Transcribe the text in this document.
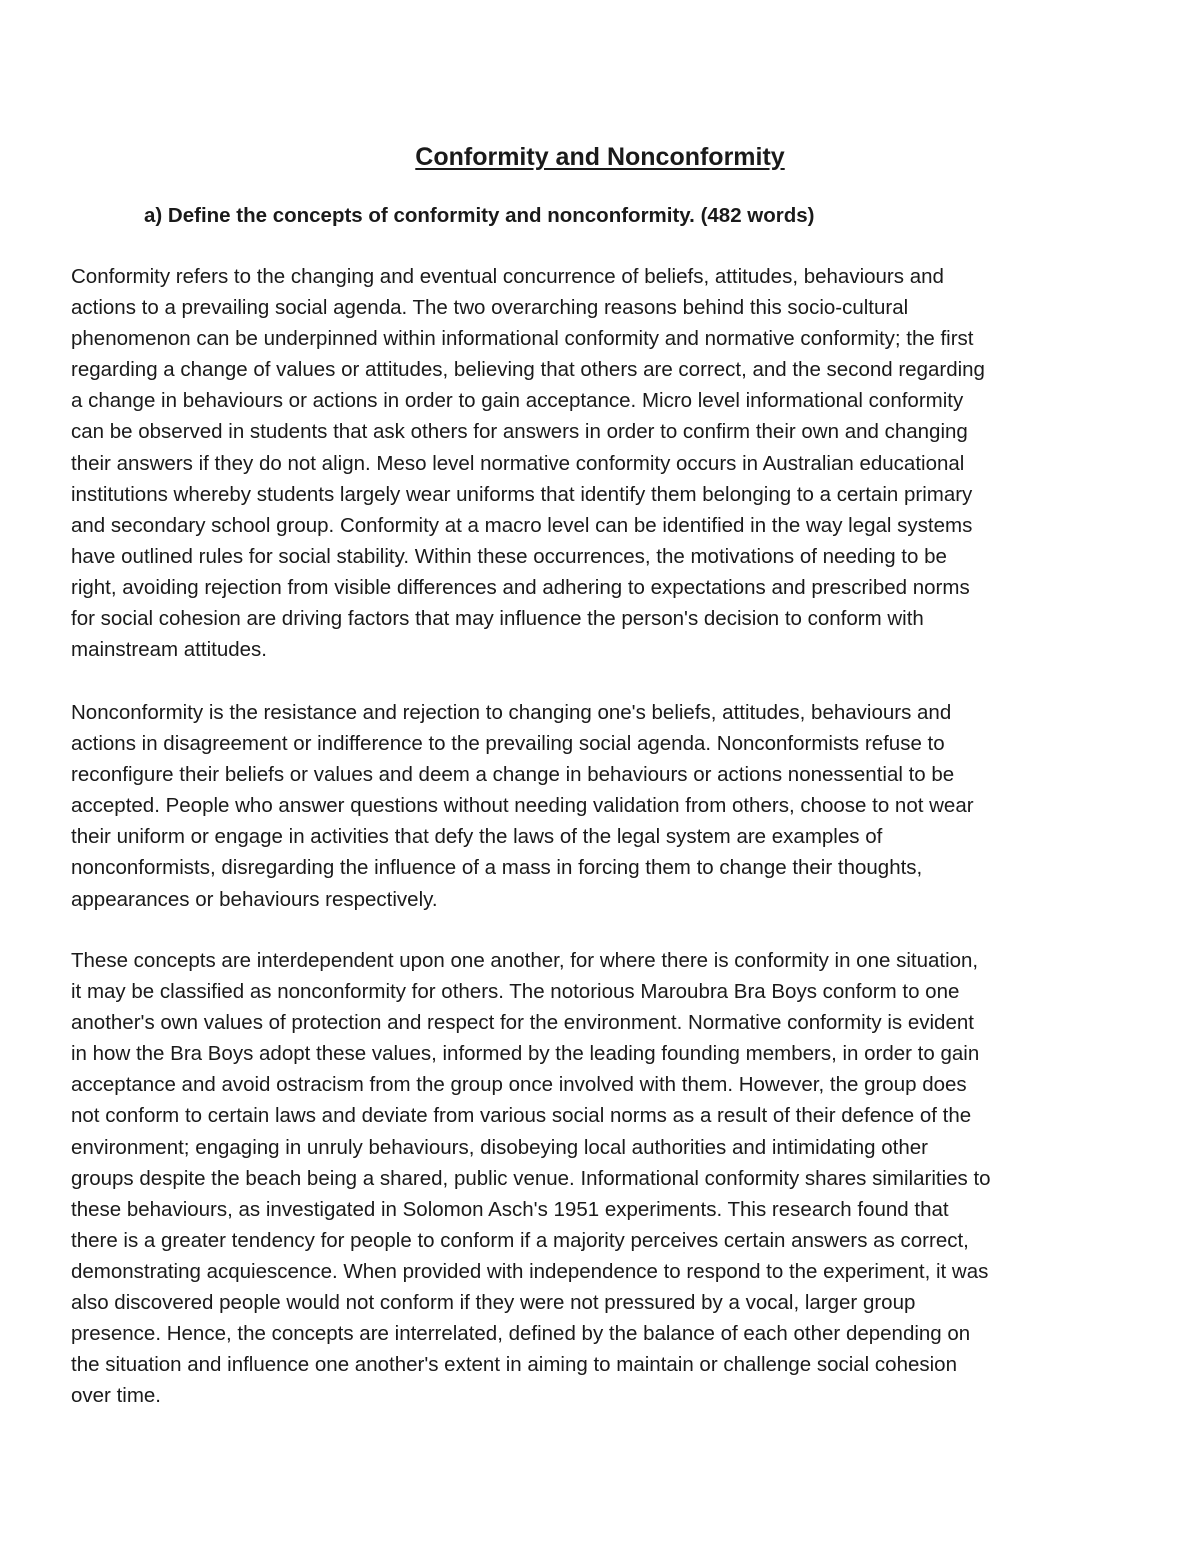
Conformity and Nonconformity
a) Define the concepts of conformity and nonconformity. (482 words)

Conformity refers to the changing and eventual concurrence of beliefs, attitudes, behaviours and
actions to a prevailing social agenda. The two overarching reasons behind this socio-cultural
phenomenon can be underpinned within informational conformity and normative conformity; the first
regarding a change of values or attitudes, believing that others are correct, and the second regarding
a change in behaviours or actions in order to gain acceptance. Micro level informational conformity
can be observed in students that ask others for answers in order to confirm their own and changing
their answers if they do not align. Meso level normative conformity occurs in Australian educational
institutions whereby students largely wear uniforms that identify them belonging to a certain primary
and secondary school group. Conformity at a macro level can be identified in the way legal systems
have outlined rules for social stability. Within these occurrences, the motivations of needing to be
right, avoiding rejection from visible differences and adhering to expectations and prescribed norms
for social cohesion are driving factors that may influence the person's decision to conform with
mainstream attitudes.

Nonconformity is the resistance and rejection to changing one's beliefs, attitudes, behaviours and
actions in disagreement or indifference to the prevailing social agenda. Nonconformists refuse to
reconfigure their beliefs or values and deem a change in behaviours or actions nonessential to be
accepted. People who answer questions without needing validation from others, choose to not wear
their uniform or engage in activities that defy the laws of the legal system are examples of
nonconformists, disregarding the influence of a mass in forcing them to change their thoughts,
appearances or behaviours respectively.

These concepts are interdependent upon one another, for where there is conformity in one situation,
it may be classified as nonconformity for others. The notorious Maroubra Bra Boys conform to one
another's own values of protection and respect for the environment. Normative conformity is evident
in how the Bra Boys adopt these values, informed by the leading founding members, in order to gain
acceptance and avoid ostracism from the group once involved with them. However, the group does
not conform to certain laws and deviate from various social norms as a result of their defence of the
environment; engaging in unruly behaviours, disobeying local authorities and intimidating other
groups despite the beach being a shared, public venue. Informational conformity shares similarities to
these behaviours, as investigated in Solomon Asch's 1951 experiments. This research found that
there is a greater tendency for people to conform if a majority perceives certain answers as correct,
demonstrating acquiescence. When provided with independence to respond to the experiment, it was
also discovered people would not conform if they were not pressured by a vocal, larger group
presence. Hence, the concepts are interrelated, defined by the balance of each other depending on
the situation and influence one another's extent in aiming to maintain or challenge social cohesion
over time.
